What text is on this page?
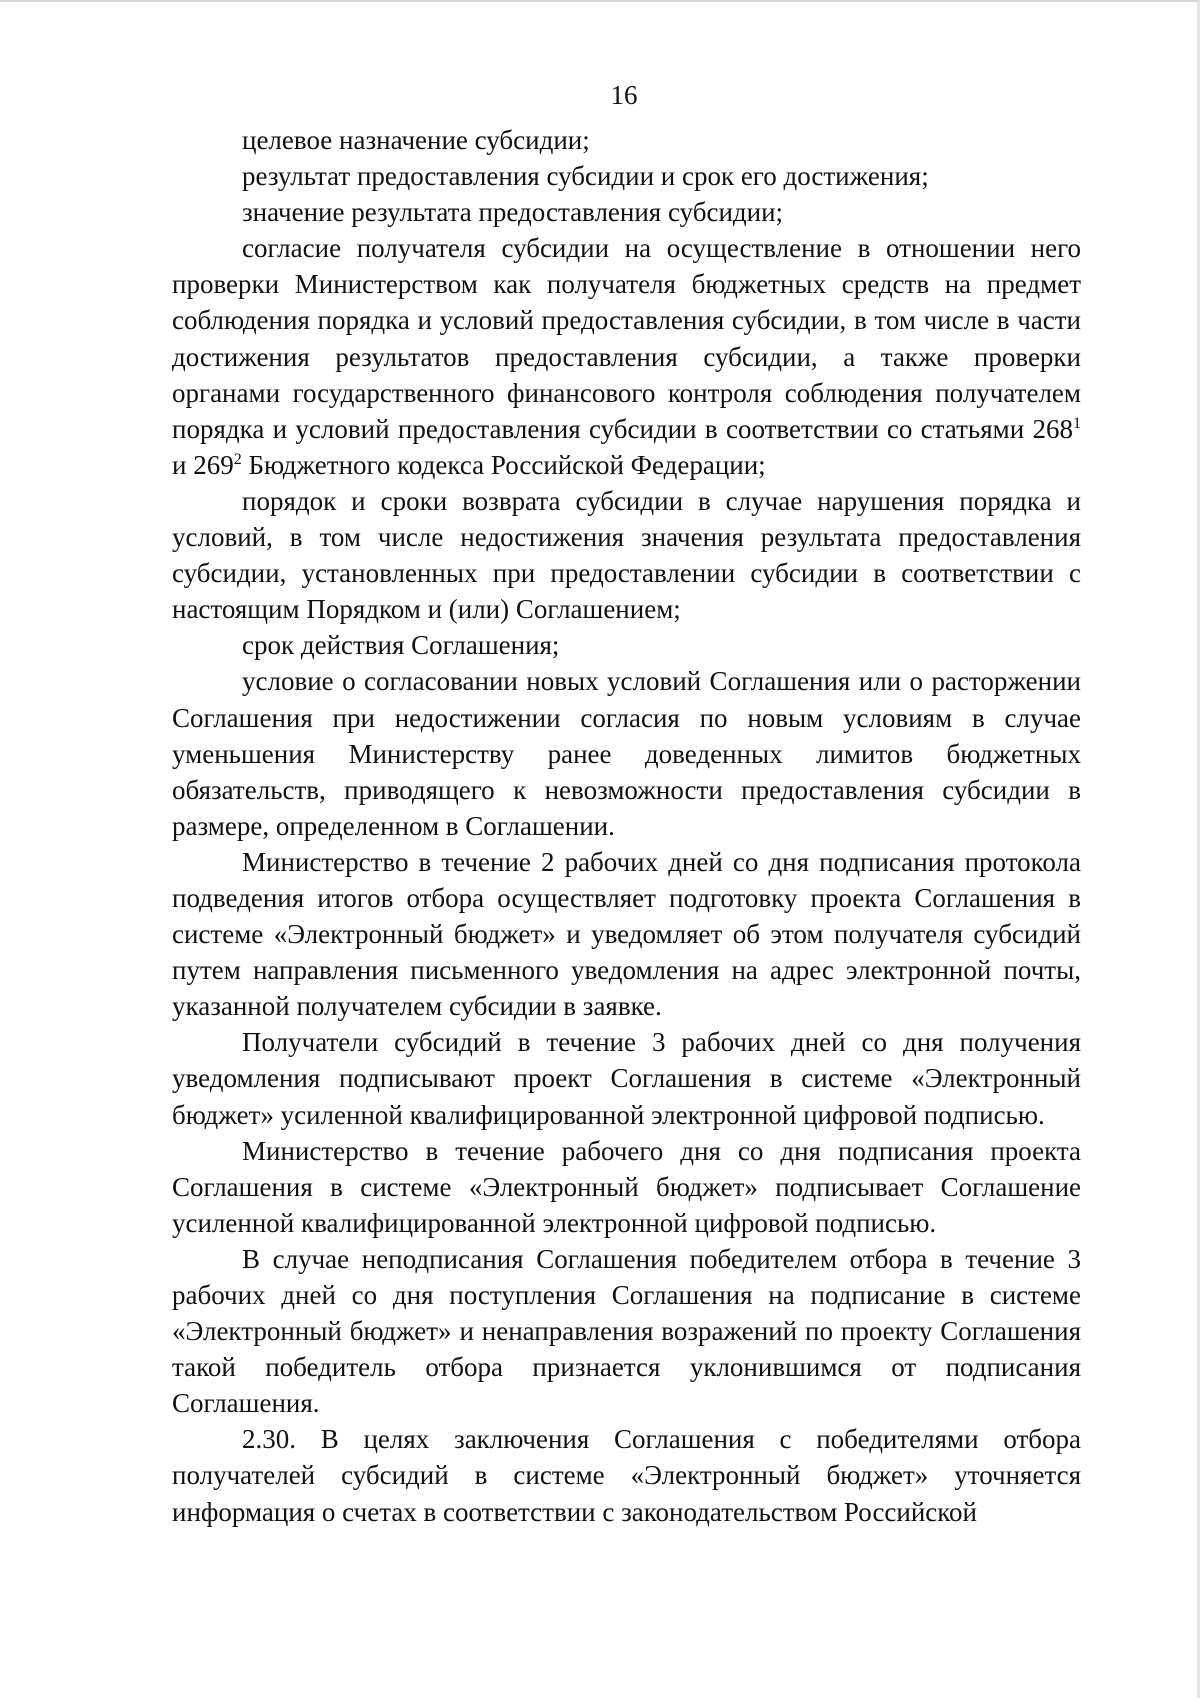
16

целевое назначение субсидии;

результат предоставления субсидии и срок его достижения;

значение результата предоставления субсидии;

согласие получателя субсидии на осуществление в отношении него проверки Министерством как получателя бюджетных средств на предмет соблюдения порядка и условий предоставления субсидии, в том числе в части достижения результатов предоставления субсидии, а также проверки органами государственного финансового контроля соблюдения получателем порядка и условий предоставления субсидии в соответствии со статьями $268^1$ и $269^2$ Бюджетного кодекса Российской Федерации;

порядок и сроки возврата субсидии в случае нарушения порядка и условий, в том числе недостижения значения результата предоставления субсидии, установленных при предоставлении субсидии в соответствии с настоящим Порядком и (или) Соглашением;

срок действия Соглашения;

условие о согласовании новых условий Соглашения или о расторжении Соглашения при недостижении согласия по новым условиям в случае уменьшения Министерству ранее доведенных лимитов бюджетных обязательств, приводящего к невозможности предоставления субсидии в размере, определенном в Соглашении.

Министерство в течение 2 рабочих дней со дня подписания протокола подведения итогов отбора осуществляет подготовку проекта Соглашения в системе «Электронный бюджет» и уведомляет об этом получателя субсидий путем направления письменного уведомления на адрес электронной почты, указанной получателем субсидии в заявке.

Получатели субсидий в течение 3 рабочих дней со дня получения уведомления подписывают проект Соглашения в системе «Электронный бюджет» усиленной квалифицированной электронной цифровой подписью.

Министерство в течение рабочего дня со дня подписания проекта Соглашения в системе «Электронный бюджет» подписывает Соглашение усиленной квалифицированной электронной цифровой подписью.

В случае неподписания Соглашения победителем отбора в течение 3 рабочих дней со дня поступления Соглашения на подписание в системе «Электронный бюджет» и ненаправления возражений по проекту Соглашения такой победитель отбора признается уклонившимся от подписания Соглашения.

2.30. В целях заключения Соглашения с победителями отбора получателей субсидий в системе «Электронный бюджет» уточняется информация о счетах в соответствии с законодательством Российской
